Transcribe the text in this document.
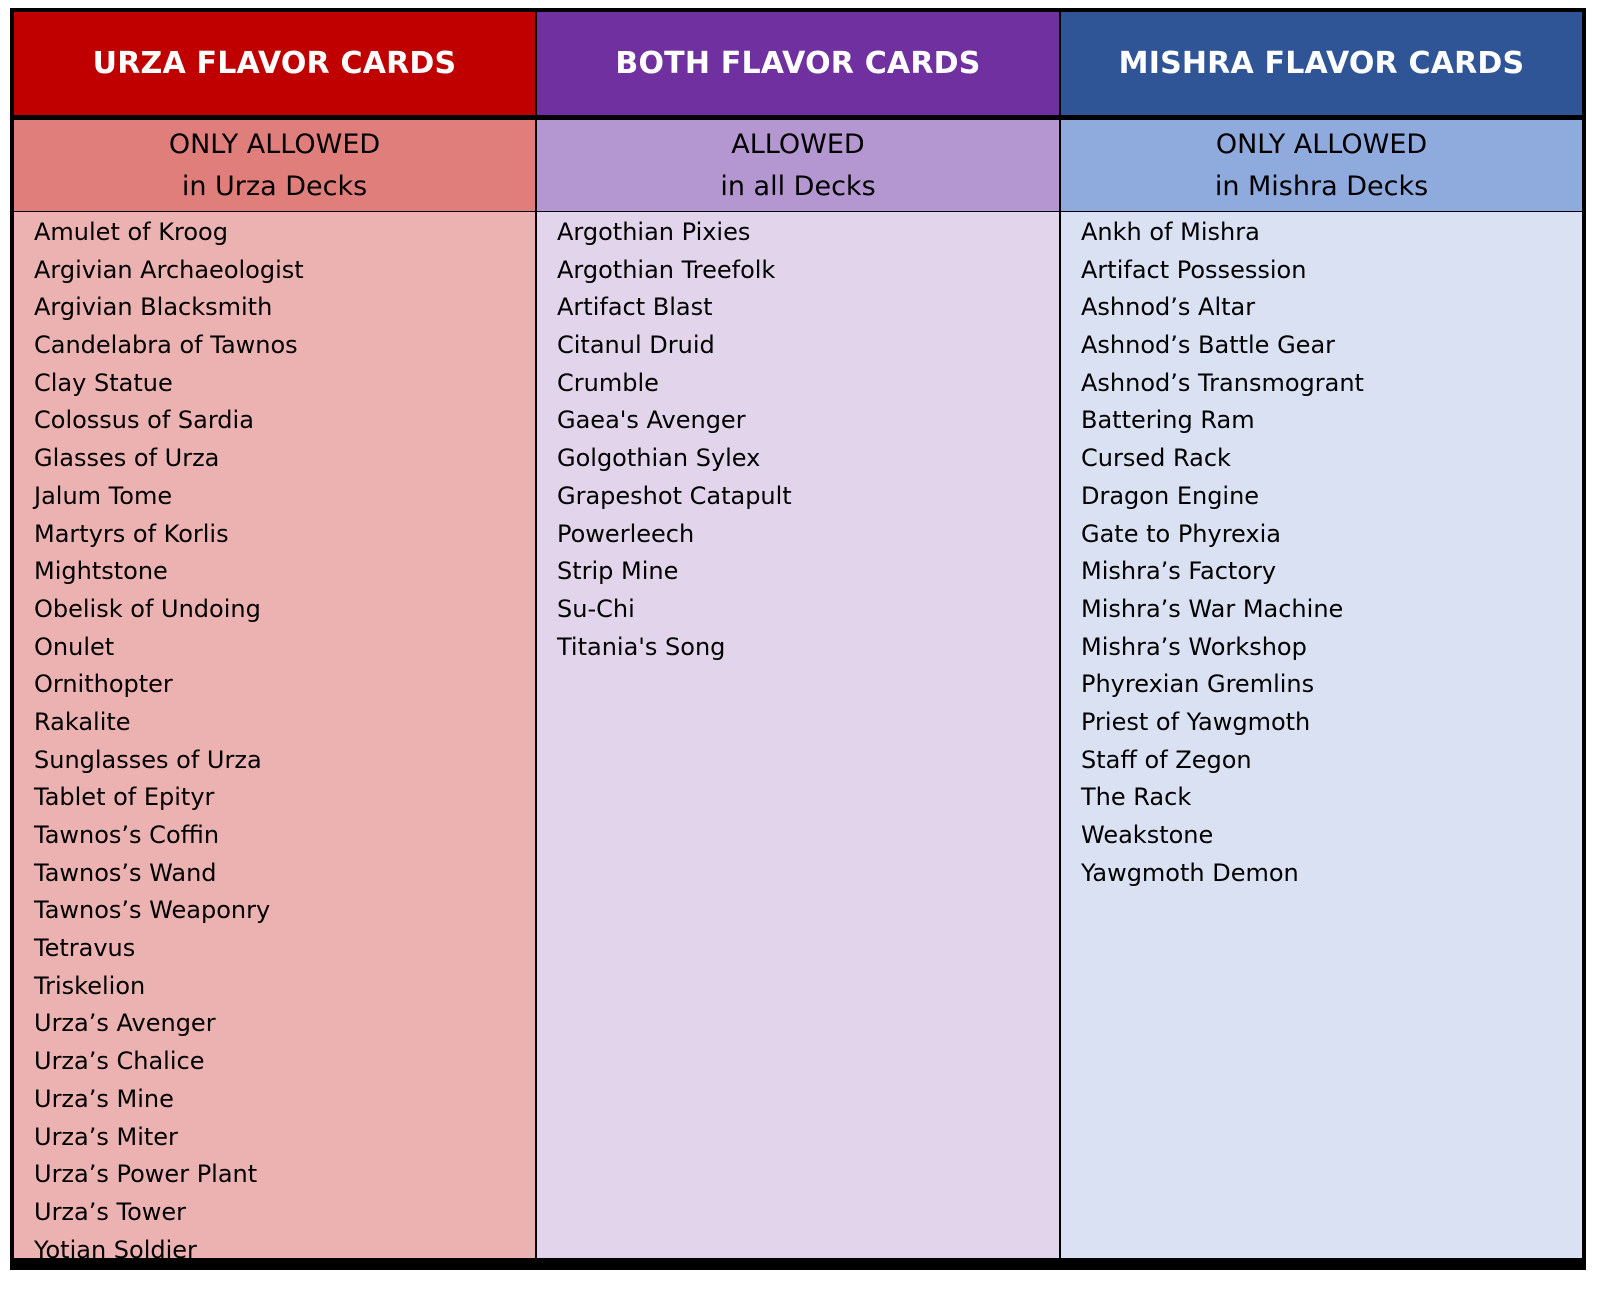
URZA FLAVOR CARDS	BOTH FLAVOR CARDS	MISHRA FLAVOR CARDS
ONLY ALLOWED
in Urza Decks
ALLOWED
in all Decks
ONLY ALLOWED
in Mishra Decks
Amulet of Kroog
Argivian Archaeologist
Argivian Blacksmith
Candelabra of Tawnos
Clay Statue
Colossus of Sardia
Glasses of Urza
Jalum Tome
Martyrs of Korlis
Mightstone
Obelisk of Undoing
Onulet
Ornithopter
Rakalite
Sunglasses of Urza
Tablet of Epityr
Tawnos’s Coffin
Tawnos’s Wand
Tawnos’s Weaponry
Tetravus
Triskelion
Urza’s Avenger
Urza’s Chalice
Urza’s Mine
Urza’s Miter
Urza’s Power Plant
Urza’s Tower
Yotian Soldier
Argothian Pixies
Argothian Treefolk
Artifact Blast
Citanul Druid
Crumble
Gaea's Avenger
Golgothian Sylex
Grapeshot Catapult
Powerleech
Strip Mine
Su-Chi
Titania's Song
Ankh of Mishra
Artifact Possession
Ashnod’s Altar
Ashnod’s Battle Gear
Ashnod’s Transmogrant
Battering Ram
Cursed Rack
Dragon Engine
Gate to Phyrexia
Mishra’s Factory
Mishra’s War Machine
Mishra’s Workshop
Phyrexian Gremlins
Priest of Yawgmoth
Staff of Zegon
The Rack
Weakstone
Yawgmoth Demon
